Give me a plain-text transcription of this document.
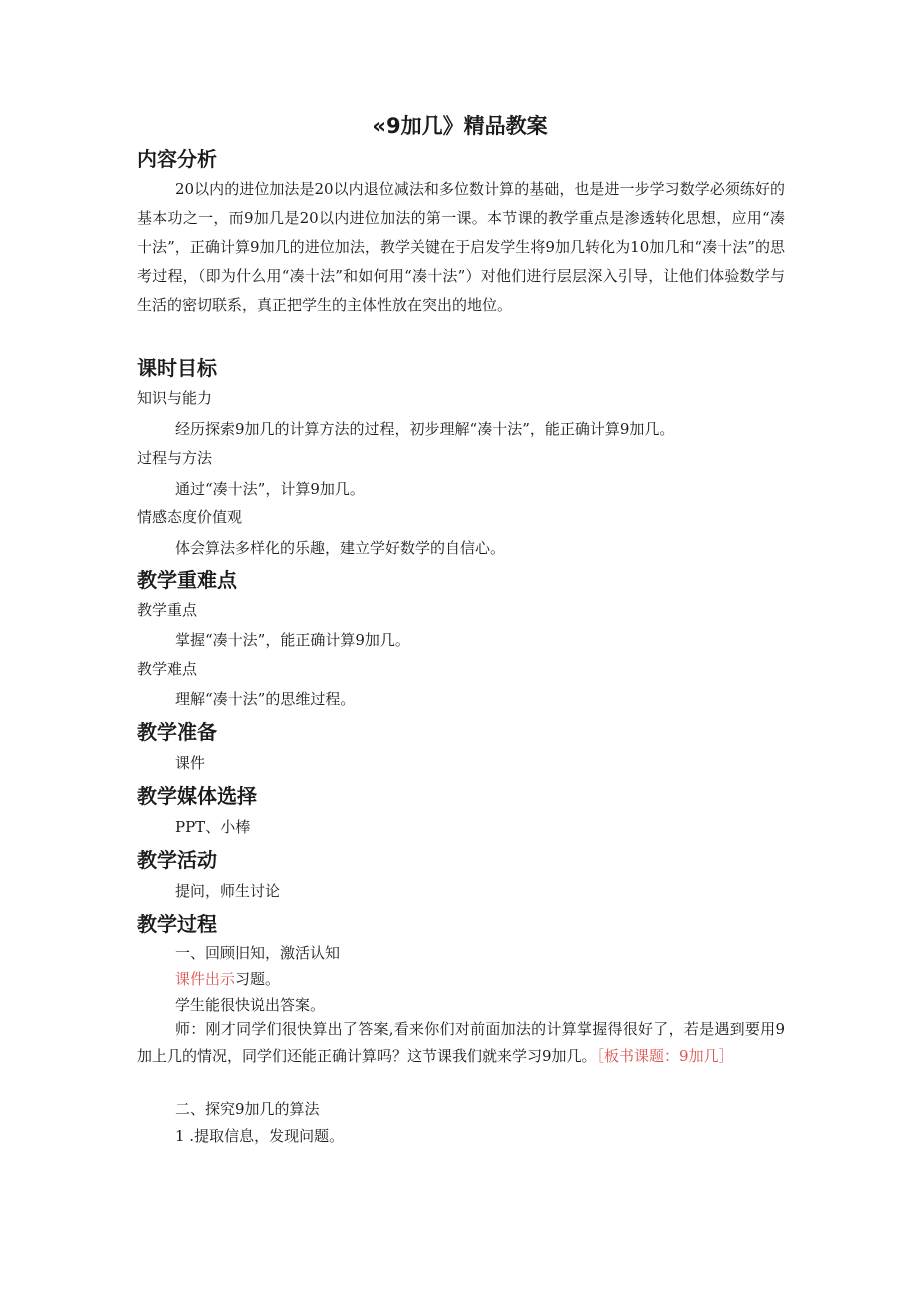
«9加几》精品教案
内容分析
20以内的进位加法是20以内退位减法和多位数计算的基础，也是进一步学习数学必须练好的基本功之一，而9加几是20以内进位加法的第一课。本节课的教学重点是渗透转化思想，应用“凑十法”，正确计算9加几的进位加法，教学关键在于启发学生将9加几转化为10加几和“凑十法”的思考过程，（即为什么用“凑十法”和如何用“凑十法”）对他们进行层层深入引导，让他们体验数学与生活的密切联系，真正把学生的主体性放在突出的地位。
课时目标
知识与能力
经历探索9加几的计算方法的过程，初步理解“凑十法”，能正确计算9加几。
过程与方法
通过“凑十法”，计算9加几。
情感态度价值观
体会算法多样化的乐趣，建立学好数学的自信心。
教学重难点
教学重点
掌握“凑十法”，能正确计算9加几。
教学难点
理解“凑十法”的思维过程。
教学准备
课件
教学媒体选择
PPT、小棒
教学活动
提问，师生讨论
教学过程
一、回顾旧知，激活认知
课件出示习题。
学生能很快说出答案。
师：刚才同学们很快算出了答案,看来你们对前面加法的计算掌握得很好了，若是遇到要用9加上几的情况，同学们还能正确计算吗？这节课我们就来学习9加几。［板书课题：9加几］
二、探究9加几的算法
1 .提取信息，发现问题。
